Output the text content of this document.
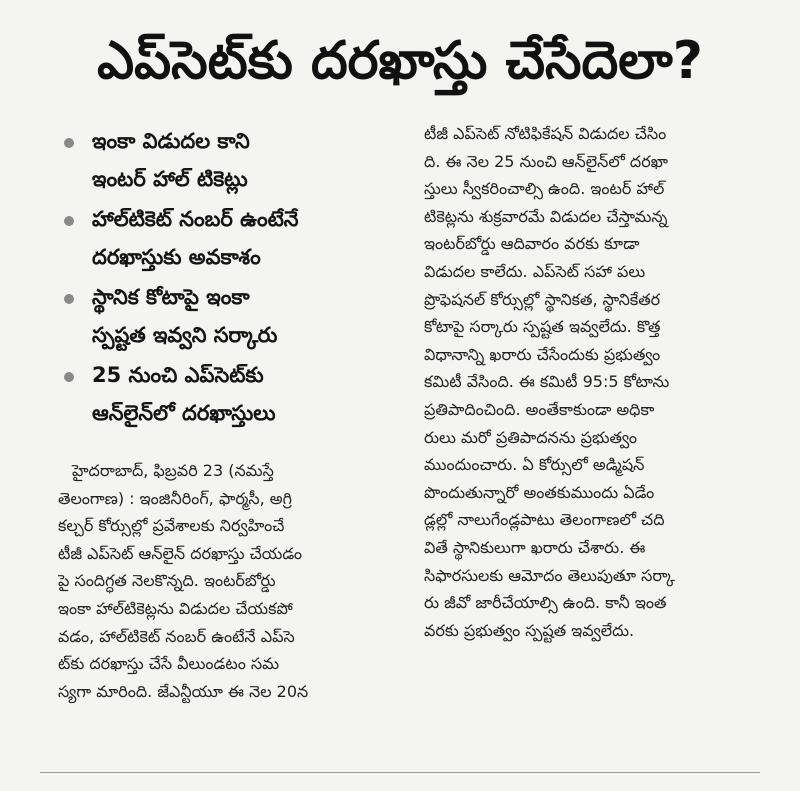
ఎప్‌సెట్‌కు దరఖాస్తు చేసేదెలా?
ఇంకా విడుదల కాని
ఇంటర్‌ హాల్‌ టికెట్లు
హాల్‌టికెట్‌ నంబర్‌ ఉంటేనే
దరఖాస్తుకు అవకాశం
స్థానిక కోటాపై ఇంకా
స్పష్టత ఇవ్వని సర్కారు
25 నుంచి ఎప్‌సెట్‌కు
ఆన్‌లైన్‌లో దరఖాస్తులు
హైదరాబాద్‌, ఫిబ్రవరి 23 (నమస్తే
తెలంగాణ) : ఇంజినీరింగ్‌, ఫార్మసీ, అగ్రి
కల్చర్‌ కోర్సుల్లో ప్రవేశాలకు నిర్వహించే
టీజీ ఎప్‌సెట్‌ ఆన్‌లైన్‌ దరఖాస్తు చేయడం
పై సందిగ్ధత నెలకొన్నది. ఇంటర్‌బోర్డు
ఇంకా హాల్‌టికెట్లను విడుదల చేయకపో
వడం, హాల్‌టికెట్‌ నంబర్‌ ఉంటేనే ఎప్‌సె
ట్‌కు దరఖాస్తు చేసే వీలుండటం సమ
స్యగా మారింది. జేఎన్టీయూ ఈ నెల 20న
టీజీ ఎప్‌సెట్‌ నోటిఫికేషన్‌ విడుదల చేసిం
ది. ఈ నెల 25 నుంచి ఆన్‌లైన్‌లో దరఖా
స్తులు స్వీకరించాల్సి ఉంది. ఇంటర్‌ హాల్‌
టికెట్లను శుక్రవారమే విడుదల చేస్తామన్న
ఇంటర్‌బోర్డు ఆదివారం వరకు కూడా
విడుదల కాలేదు. ఎప్‌సెట్‌ సహా పలు
ప్రొఫెషనల్‌ కోర్సుల్లో స్థానికత, స్థానికేతర
కోటాపై సర్కారు స్పష్టత ఇవ్వలేదు. కొత్త
విధానాన్ని ఖరారు చేసేందుకు ప్రభుత్వం
కమిటీ వేసింది. ఈ కమిటీ 95:5 కోటాను
ప్రతిపాదించింది. అంతేకాకుండా అధికా
రులు మరో ప్రతిపాదనను ప్రభుత్వం
ముందుంచారు. ఏ కోర్సులో అడ్మిషన్‌
పొందుతున్నారో అంతకుముందు ఏడేం
డ్లల్లో నాలుగేండ్లపాటు తెలంగాణలో చది
వితే స్థానికులుగా ఖరారు చేశారు. ఈ
సిఫారసులకు ఆమోదం తెలుపుతూ సర్కా
రు జీవో జారీచేయాల్సి ఉంది. కానీ ఇంత
వరకు ప్రభుత్వం స్పష్టత ఇవ్వలేదు.
